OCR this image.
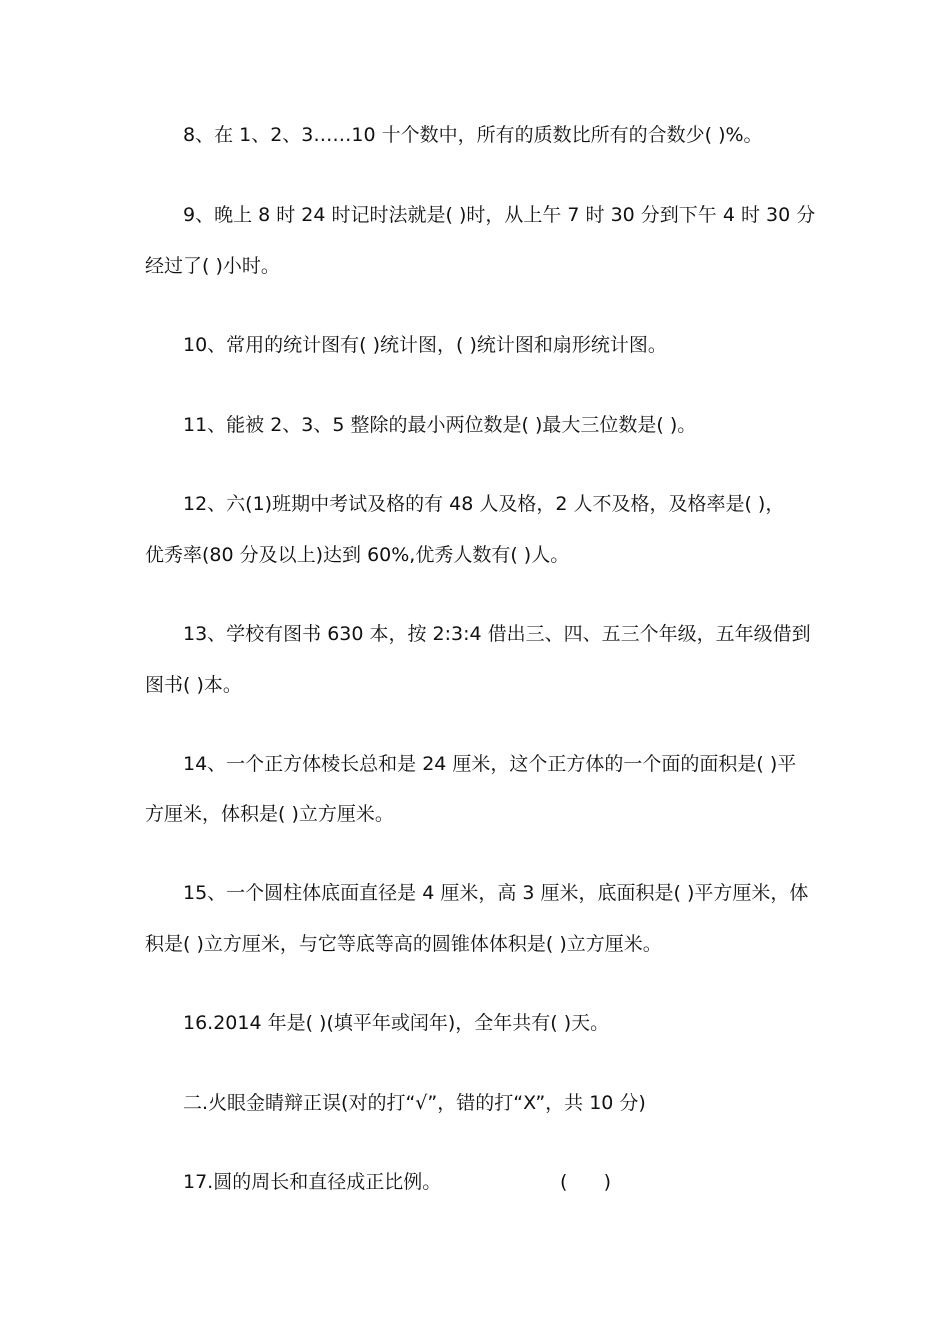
8、在 1、2、3……10 十个数中，所有的质数比所有的合数少( )%。
9、晚上 8 时 24 时记时法就是( )时，从上午 7 时 30 分到下午 4 时 30 分
经过了( )小时。
10、常用的统计图有( )统计图，( )统计图和扇形统计图。
11、能被 2、3、5 整除的最小两位数是( )最大三位数是( )。
12、六(1)班期中考试及格的有 48 人及格，2 人不及格，及格率是( )，
优秀率(80 分及以上)达到 60%,优秀人数有( )人。
13、学校有图书 630 本，按 2:3:4 借出三、四、五三个年级，五年级借到
图书( )本。
14、一个正方体棱长总和是 24 厘米，这个正方体的一个面的面积是( )平
方厘米，体积是( )立方厘米。
15、一个圆柱体底面直径是 4 厘米，高 3 厘米，底面积是( )平方厘米，体
积是( )立方厘米，与它等底等高的圆锥体体积是( )立方厘米。
16.2014 年是( )(填平年或闰年)，全年共有( )天。
二.火眼金睛辩正误(对的打“√”，错的打“X”，共 10 分)
17.圆的周长和直径成正比例。	(      )
